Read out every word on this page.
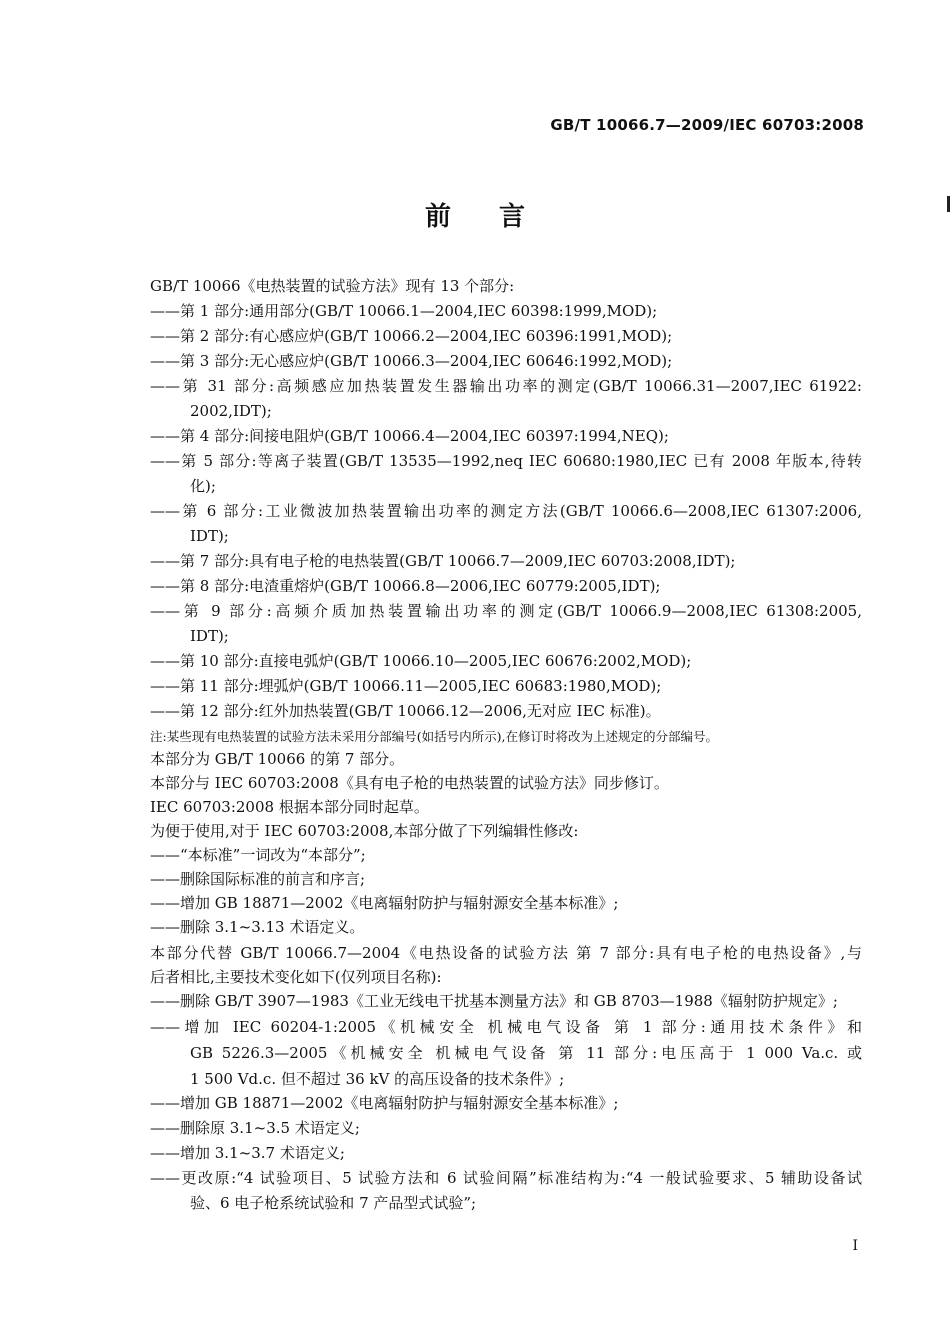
GB/T 10066.7—2009/IEC 60703:2008
前言
GB/T 10066《电热装置的试验方法》现有 13 个部分:
——第 1 部分:通用部分(GB/T 10066.1—2004,IEC 60398:1999,MOD);
——第 2 部分:有心感应炉(GB/T 10066.2—2004,IEC 60396:1991,MOD);
——第 3 部分:无心感应炉(GB/T 10066.3—2004,IEC 60646:1992,MOD);
——第 31 部分:高频感应加热装置发生器输出功率的测定(GB/T 10066.31—2007,IEC 61922:
2002,IDT);
——第 4 部分:间接电阻炉(GB/T 10066.4—2004,IEC 60397:1994,NEQ);
——第 5 部分:等离子装置(GB/T 13535—1992,neq IEC 60680:1980,IEC 已有 2008 年版本,待转
化);
——第 6 部分:工业微波加热装置输出功率的测定方法(GB/T 10066.6—2008,IEC 61307:2006,
IDT);
——第 7 部分:具有电子枪的电热装置(GB/T 10066.7—2009,IEC 60703:2008,IDT);
——第 8 部分:电渣重熔炉(GB/T 10066.8—2006,IEC 60779:2005,IDT);
——第 9 部分:高频介质加热装置输出功率的测定(GB/T 10066.9—2008,IEC 61308:2005,
IDT);
——第 10 部分:直接电弧炉(GB/T 10066.10—2005,IEC 60676:2002,MOD);
——第 11 部分:埋弧炉(GB/T 10066.11—2005,IEC 60683:1980,MOD);
——第 12 部分:红外加热装置(GB/T 10066.12—2006,无对应 IEC 标准)。
注:某些现有电热装置的试验方法未采用分部编号(如括号内所示),在修订时将改为上述规定的分部编号。
本部分为 GB/T 10066 的第 7 部分。
本部分与 IEC 60703:2008《具有电子枪的电热装置的试验方法》同步修订。
IEC 60703:2008 根据本部分同时起草。
为便于使用,对于 IEC 60703:2008,本部分做了下列编辑性修改:
——“本标准”一词改为“本部分”;
——删除国际标准的前言和序言;
——增加 GB 18871—2002《电离辐射防护与辐射源安全基本标准》;
——删除 3.1~3.13 术语定义。
本部分代替 GB/T 10066.7—2004《电热设备的试验方法 第 7 部分:具有电子枪的电热设备》,与
后者相比,主要技术变化如下(仅列项目名称):
——删除 GB/T 3907—1983《工业无线电干扰基本测量方法》和 GB 8703—1988《辐射防护规定》;
——增加 IEC 60204-1:2005《机械安全 机械电气设备 第 1 部分:通用技术条件》和
GB 5226.3—2005《机械安全 机械电气设备 第 11 部分:电压高于 1 000 Va.c. 或
1 500 Vd.c. 但不超过 36 kV 的高压设备的技术条件》;
——增加 GB 18871—2002《电离辐射防护与辐射源安全基本标准》;
——删除原 3.1~3.5 术语定义;
——增加 3.1~3.7 术语定义;
——更改原:“4 试验项目、5 试验方法和 6 试验间隔”标准结构为:“4 一般试验要求、5 辅助设备试
验、6 电子枪系统试验和 7 产品型式试验”;
I
